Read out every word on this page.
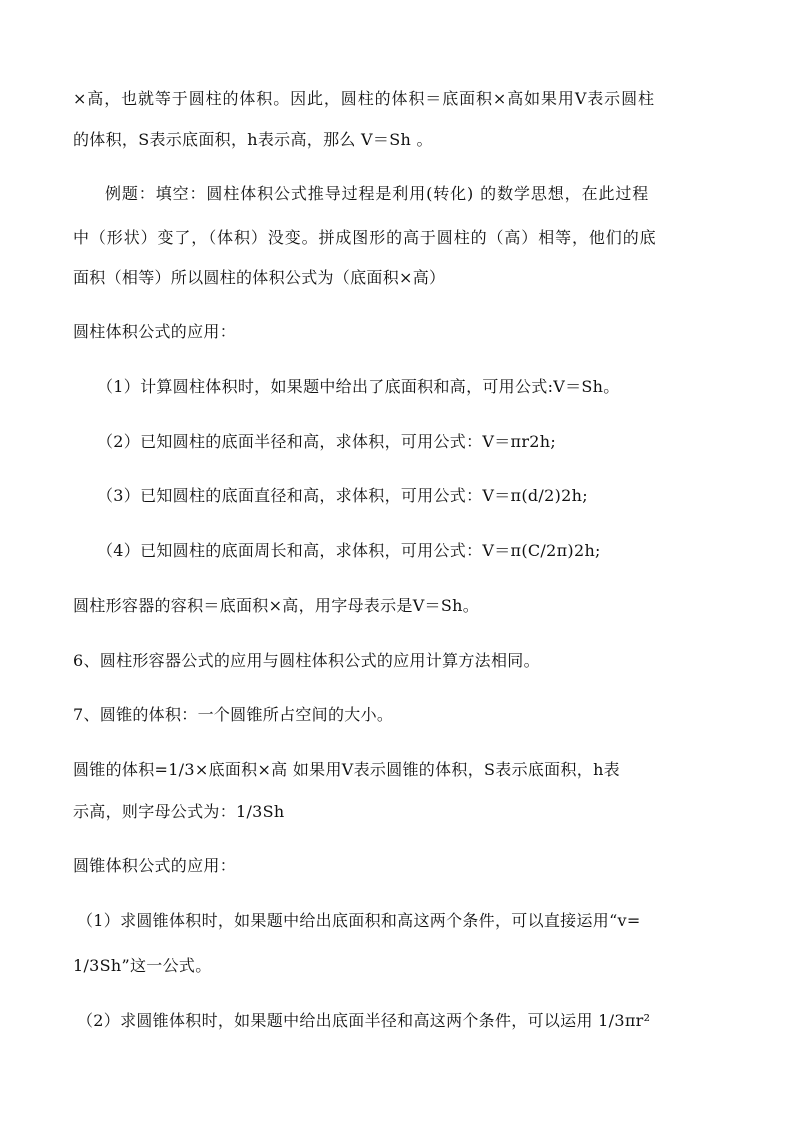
×高，也就等于圆柱的体积。因此，圆柱的体积＝底面积×高如果用V表示圆柱
的体积，S表示底面积，h表示高，那么 V＝Sh 。
例题：填空：圆柱体积公式推导过程是利用(转化) 的数学思想，在此过程
中（形状）变了，（体积）没变。拼成图形的高于圆柱的（高）相等，他们的底
面积（相等）所以圆柱的体积公式为（底面积×高）
圆柱体积公式的应用：
（1）计算圆柱体积时，如果题中给出了底面积和高，可用公式:V＝Sh。
（2）已知圆柱的底面半径和高，求体积，可用公式：V＝πr2h;
（3）已知圆柱的底面直径和高，求体积，可用公式：V＝π(d/2)2h;
（4）已知圆柱的底面周长和高，求体积，可用公式：V＝π(C/2π)2h;
圆柱形容器的容积＝底面积×高，用字母表示是V＝Sh。
6、圆柱形容器公式的应用与圆柱体积公式的应用计算方法相同。
7、圆锥的体积：一个圆锥所占空间的大小。
圆锥的体积=1/3×底面积×高 如果用V表示圆锥的体积，S表示底面积，h表
示高，则字母公式为：1/3Sh
圆锥体积公式的应用：
（1）求圆锥体积时，如果题中给出底面积和高这两个条件，可以直接运用“v=
1/3Sh”这一公式。
（2）求圆锥体积时，如果题中给出底面半径和高这两个条件，可以运用 1/3πr²
